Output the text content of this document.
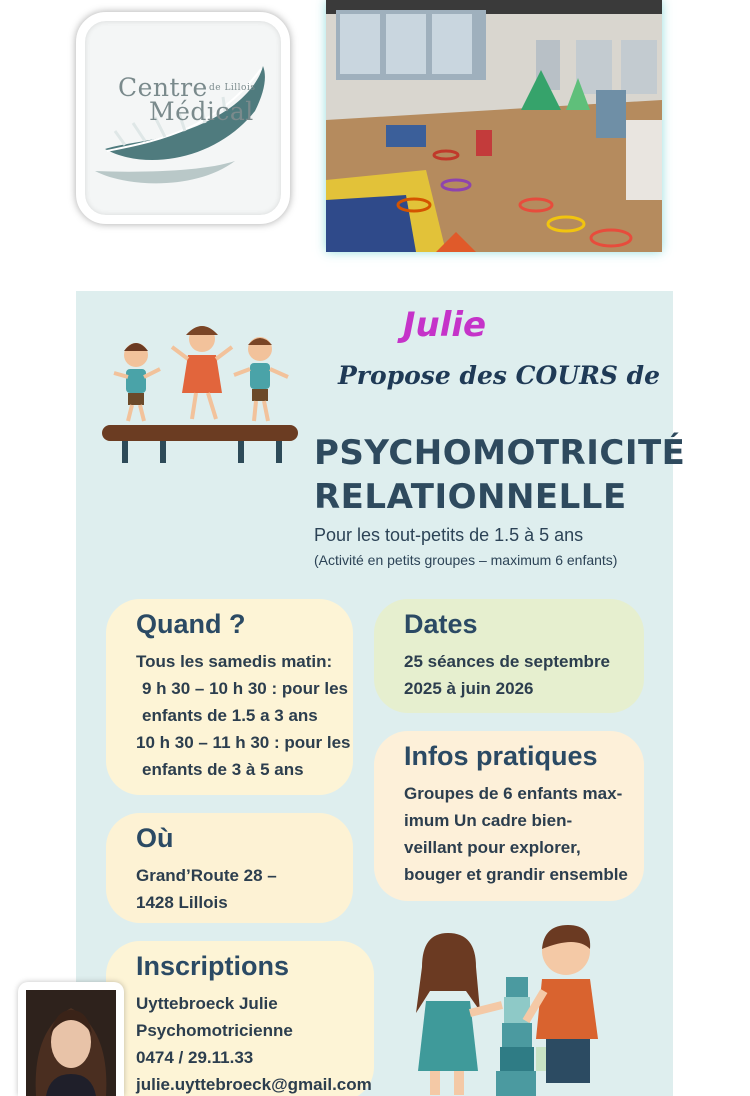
Centre de Lillois
Médical
Julie
Propose des COURS de
PSYCHOMOTRICITÉ
RELATIONNELLE
Pour les tout-petits de 1.5 à 5 ans
(Activité en petits groupes – maximum 6 enfants)
Quand ?

Tous les samedis matin:

9 h 30 – 10 h 30 : pour les

enfants de 1.5 a 3 ans

10 h 30 – 11 h 30 : pour les

enfants de 3 à 5 ans

Dates

25 séances de septembre

2025 à juin 2026

Infos pratiques

Groupes de 6 enfants max-

imum Un cadre bien-

veillant pour explorer,

bouger et grandir ensemble

Où

Grand’Route 28 –

1428 Lillois

Inscriptions

Uyttebroeck Julie

Psychomotricienne

0474 / 29.11.33

julie.uyttebroeck@gmail.com
